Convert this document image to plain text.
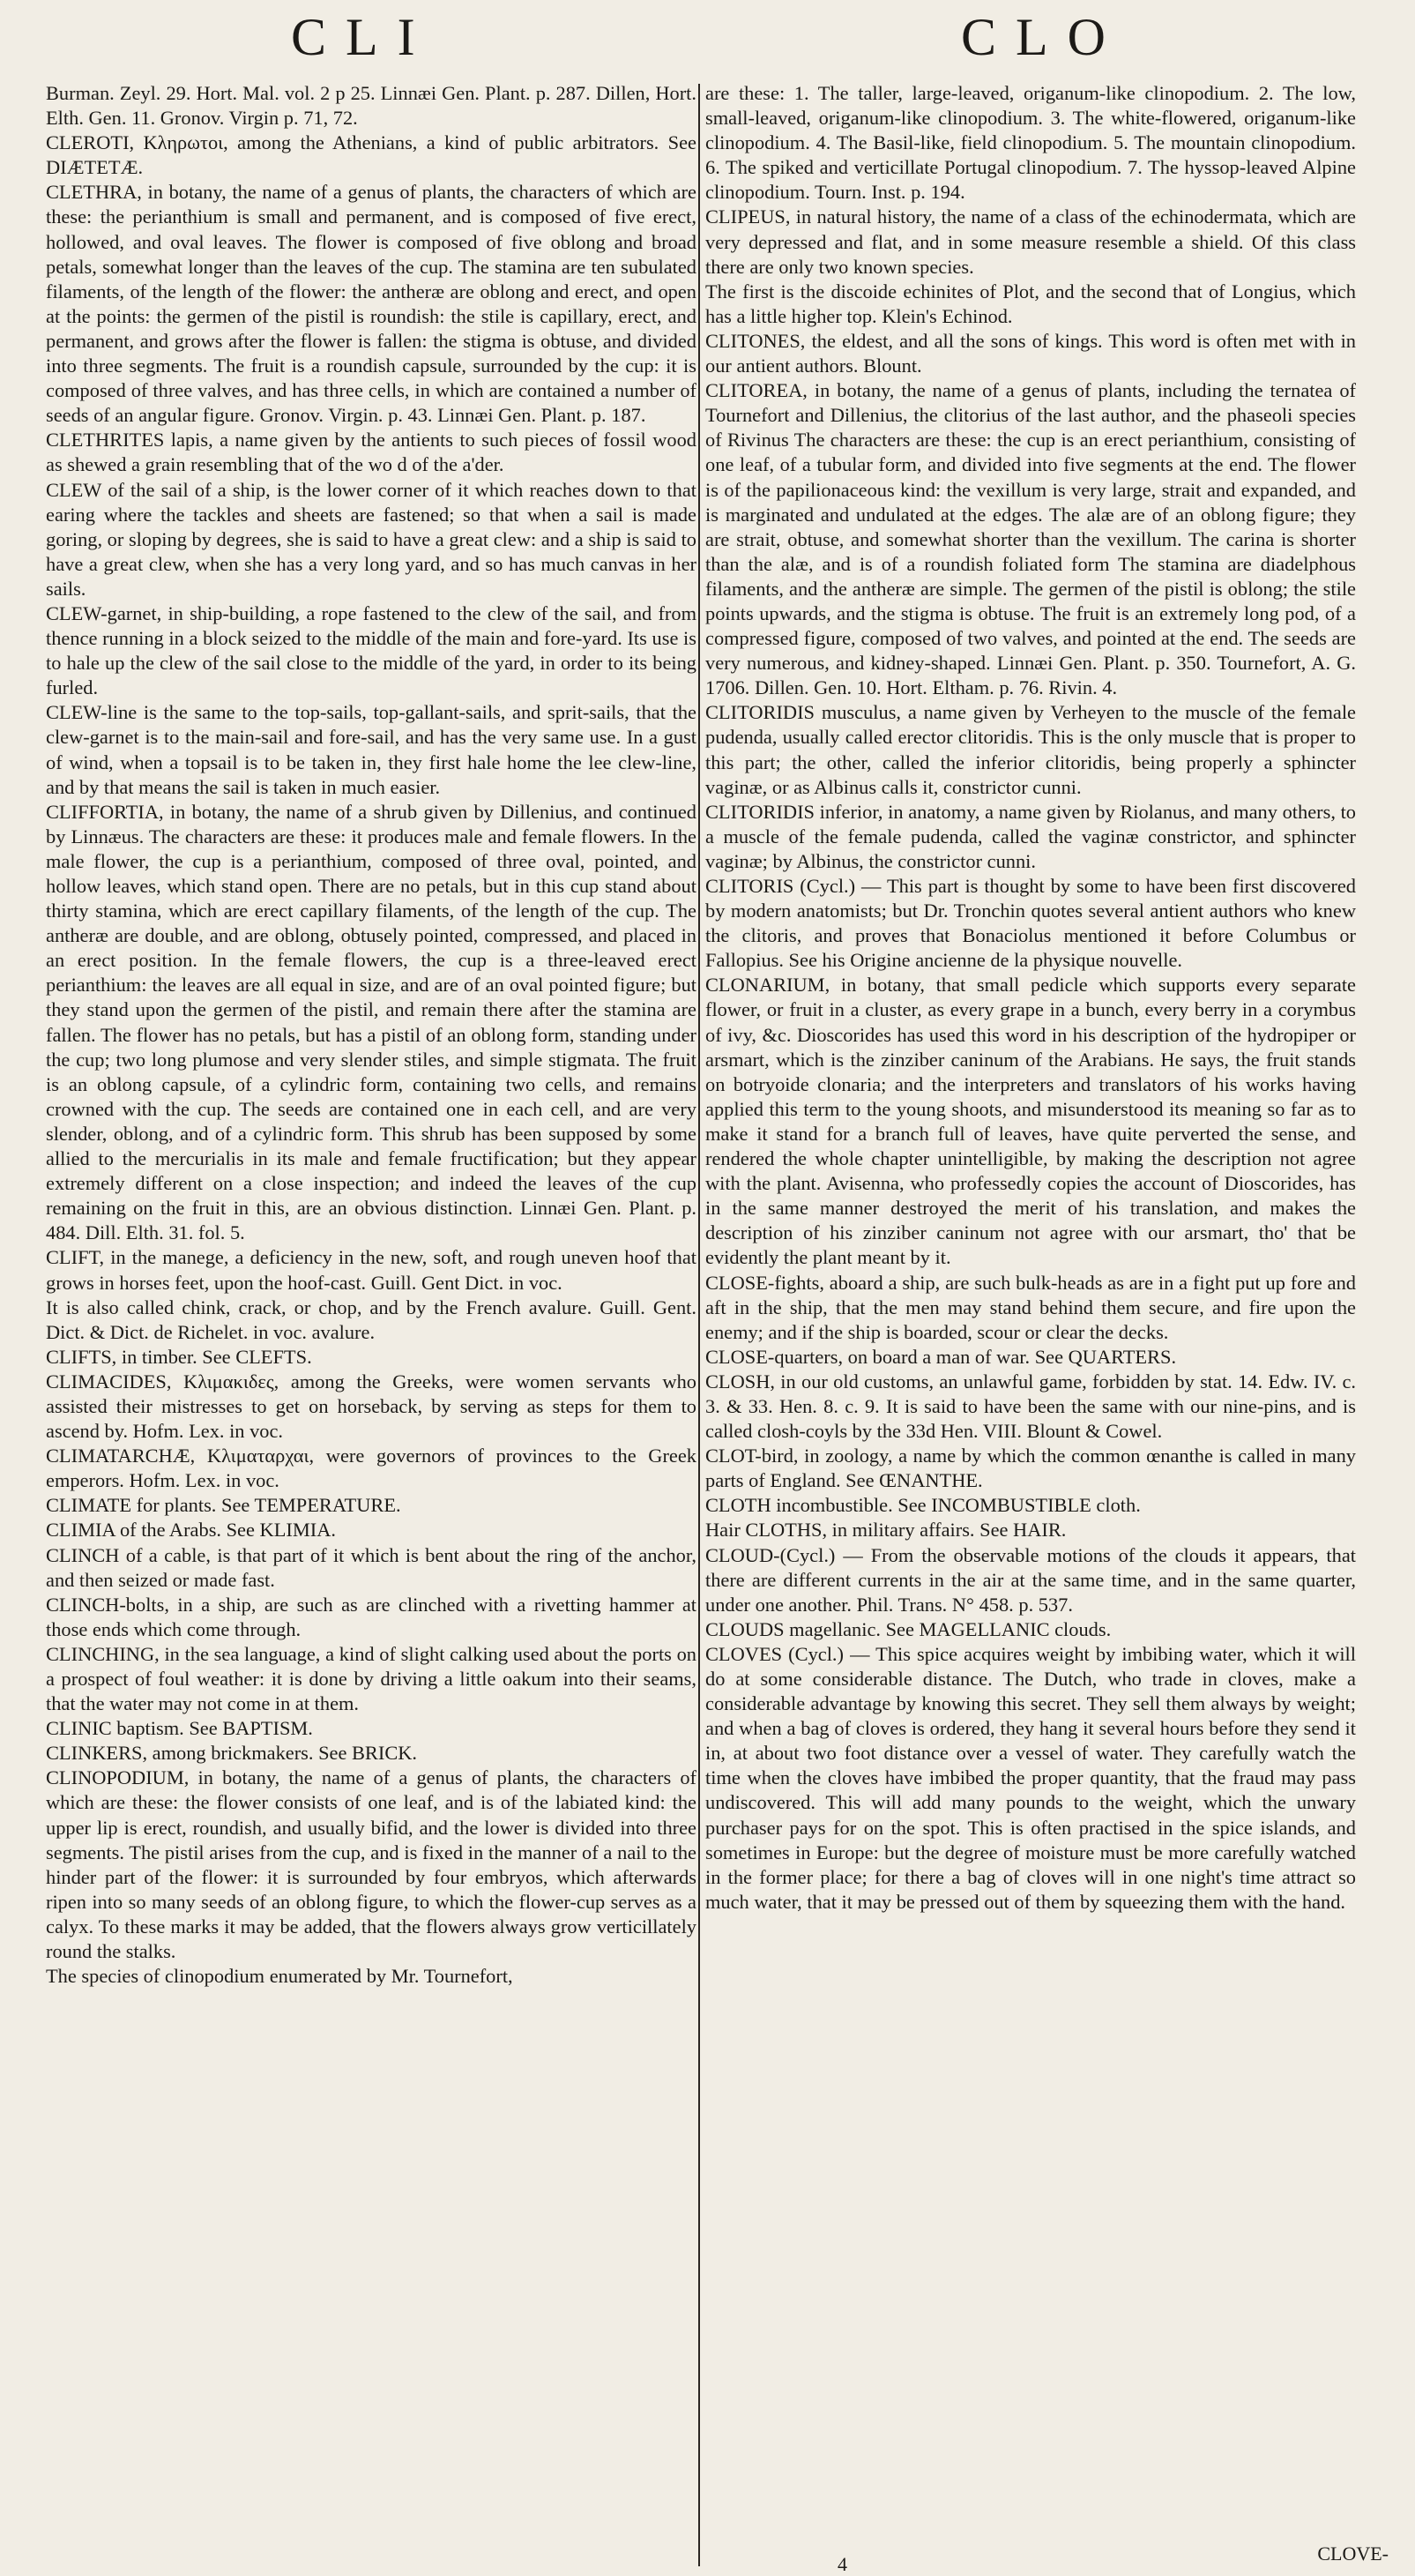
CLI	CLO

Burman. Zeyl. 29. Hort. Mal. vol. 2 p 25. Linnæi Gen. Plant. p. 287. Dillen, Hort. Elth. Gen. 11. Gronov. Virgin p. 71, 72.

CLEROTI, Κληρωτοι, among the Athenians, a kind of public arbitrators. See DIÆTETÆ.

CLETHRA, in botany, the name of a genus of plants, the characters of which are these: the perianthium is small and permanent, and is composed of five erect, hollowed, and oval leaves. The flower is composed of five oblong and broad petals, somewhat longer than the leaves of the cup. The stamina are ten subulated filaments, of the length of the flower: the antheræ are oblong and erect, and open at the points: the germen of the pistil is roundish: the stile is capillary, erect, and permanent, and grows after the flower is fallen: the stigma is obtuse, and divided into three segments. The fruit is a roundish capsule, surrounded by the cup: it is composed of three valves, and has three cells, in which are contained a number of seeds of an angular figure. Gronov. Virgin. p. 43. Linnæi Gen. Plant. p. 187.

CLETHRITES lapis, a name given by the antients to such pieces of fossil wood as shewed a grain resembling that of the wo d of the a'der.

CLEW of the sail of a ship, is the lower corner of it which reaches down to that earing where the tackles and sheets are fastened; so that when a sail is made goring, or sloping by degrees, she is said to have a great clew: and a ship is said to have a great clew, when she has a very long yard, and so has much canvas in her sails.

CLEW-garnet, in ship-building, a rope fastened to the clew of the sail, and from thence running in a block seized to the middle of the main and fore-yard. Its use is to hale up the clew of the sail close to the middle of the yard, in order to its being furled.

CLEW-line is the same to the top-sails, top-gallant-sails, and sprit-sails, that the clew-garnet is to the main-sail and fore-sail, and has the very same use. In a gust of wind, when a topsail is to be taken in, they first hale home the lee clew-line, and by that means the sail is taken in much easier.

CLIFFORTIA, in botany, the name of a shrub given by Dillenius, and continued by Linnæus. The characters are these: it produces male and female flowers. In the male flower, the cup is a perianthium, composed of three oval, pointed, and hollow leaves, which stand open. There are no petals, but in this cup stand about thirty stamina, which are erect capillary filaments, of the length of the cup. The antheræ are double, and are oblong, obtusely pointed, compressed, and placed in an erect position. In the female flowers, the cup is a three-leaved erect perianthium: the leaves are all equal in size, and are of an oval pointed figure; but they stand upon the germen of the pistil, and remain there after the stamina are fallen. The flower has no petals, but has a pistil of an oblong form, standing under the cup; two long plumose and very slender stiles, and simple stigmata. The fruit is an oblong capsule, of a cylindric form, containing two cells, and remains crowned with the cup. The seeds are contained one in each cell, and are very slender, oblong, and of a cylindric form. This shrub has been supposed by some allied to the mercurialis in its male and female fructification; but they appear extremely different on a close inspection; and indeed the leaves of the cup remaining on the fruit in this, are an obvious distinction. Linnæi Gen. Plant. p. 484. Dill. Elth. 31. fol. 5.

CLIFT, in the manege, a deficiency in the new, soft, and rough uneven hoof that grows in horses feet, upon the hoof-cast. Guill. Gent Dict. in voc.

It is also called chink, crack, or chop, and by the French avalure. Guill. Gent. Dict. & Dict. de Richelet. in voc. avalure.

CLIFTS, in timber. See CLEFTS.

CLIMACIDES, Κλιμακιδες, among the Greeks, were women servants who assisted their mistresses to get on horseback, by serving as steps for them to ascend by. Hofm. Lex. in voc.

CLIMATARCHÆ, Κλιματαρχαι, were governors of provinces to the Greek emperors. Hofm. Lex. in voc.

CLIMATE for plants. See TEMPERATURE.

CLIMIA of the Arabs. See KLIMIA.

CLINCH of a cable, is that part of it which is bent about the ring of the anchor, and then seized or made fast.

CLINCH-bolts, in a ship, are such as are clinched with a rivetting hammer at those ends which come through.

CLINCHING, in the sea language, a kind of slight calking used about the ports on a prospect of foul weather: it is done by driving a little oakum into their seams, that the water may not come in at them.

CLINIC baptism. See BAPTISM.

CLINKERS, among brickmakers. See BRICK.

CLINOPODIUM, in botany, the name of a genus of plants, the characters of which are these: the flower consists of one leaf, and is of the labiated kind: the upper lip is erect, roundish, and usually bifid, and the lower is divided into three segments. The pistil arises from the cup, and is fixed in the manner of a nail to the hinder part of the flower: it is surrounded by four embryos, which afterwards ripen into so many seeds of an oblong figure, to which the flower-cup serves as a calyx. To these marks it may be added, that the flowers always grow verticillately round the stalks.

The species of clinopodium enumerated by Mr. Tournefort,

are these: 1. The taller, large-leaved, origanum-like clinopodium. 2. The low, small-leaved, origanum-like clinopodium. 3. The white-flowered, origanum-like clinopodium. 4. The Basil-like, field clinopodium. 5. The mountain clinopodium. 6. The spiked and verticillate Portugal clinopodium. 7. The hyssop-leaved Alpine clinopodium. Tourn. Inst. p. 194.

CLIPEUS, in natural history, the name of a class of the echinodermata, which are very depressed and flat, and in some measure resemble a shield. Of this class there are only two known species.

The first is the discoide echinites of Plot, and the second that of Longius, which has a little higher top. Klein's Echinod.

CLITONES, the eldest, and all the sons of kings. This word is often met with in our antient authors. Blount.

CLITOREA, in botany, the name of a genus of plants, including the ternatea of Tournefort and Dillenius, the clitorius of the last author, and the phaseoli species of Rivinus The characters are these: the cup is an erect perianthium, consisting of one leaf, of a tubular form, and divided into five segments at the end. The flower is of the papilionaceous kind: the vexillum is very large, strait and expanded, and is marginated and undulated at the edges. The alæ are of an oblong figure; they are strait, obtuse, and somewhat shorter than the vexillum. The carina is shorter than the alæ, and is of a roundish foliated form The stamina are diadelphous filaments, and the antheræ are simple. The germen of the pistil is oblong; the stile points upwards, and the stigma is obtuse. The fruit is an extremely long pod, of a compressed figure, composed of two valves, and pointed at the end. The seeds are very numerous, and kidney-shaped. Linnæi Gen. Plant. p. 350. Tournefort, A. G. 1706. Dillen. Gen. 10. Hort. Eltham. p. 76. Rivin. 4.

CLITORIDIS musculus, a name given by Verheyen to the muscle of the female pudenda, usually called erector clitoridis. This is the only muscle that is proper to this part; the other, called the inferior clitoridis, being properly a sphincter vaginæ, or as Albinus calls it, constrictor cunni.

CLITORIDIS inferior, in anatomy, a name given by Riolanus, and many others, to a muscle of the female pudenda, called the vaginæ constrictor, and sphincter vaginæ; by Albinus, the constrictor cunni.

CLITORIS (Cycl.) — This part is thought by some to have been first discovered by modern anatomists; but Dr. Tronchin quotes several antient authors who knew the clitoris, and proves that Bonaciolus mentioned it before Columbus or Fallopius. See his Origine ancienne de la physique nouvelle.

CLONARIUM, in botany, that small pedicle which supports every separate flower, or fruit in a cluster, as every grape in a bunch, every berry in a corymbus of ivy, &c. Dioscorides has used this word in his description of the hydropiper or arsmart, which is the zinziber caninum of the Arabians. He says, the fruit stands on botryoide clonaria; and the interpreters and translators of his works having applied this term to the young shoots, and misunderstood its meaning so far as to make it stand for a branch full of leaves, have quite perverted the sense, and rendered the whole chapter unintelligible, by making the description not agree with the plant. Avisenna, who professedly copies the account of Dioscorides, has in the same manner destroyed the merit of his translation, and makes the description of his zinziber caninum not agree with our arsmart, tho' that be evidently the plant meant by it.

CLOSE-fights, aboard a ship, are such bulk-heads as are in a fight put up fore and aft in the ship, that the men may stand behind them secure, and fire upon the enemy; and if the ship is boarded, scour or clear the decks.

CLOSE-quarters, on board a man of war. See QUARTERS.

CLOSH, in our old customs, an unlawful game, forbidden by stat. 14. Edw. IV. c. 3. & 33. Hen. 8. c. 9. It is said to have been the same with our nine-pins, and is called closh-coyls by the 33d Hen. VIII. Blount & Cowel.

CLOT-bird, in zoology, a name by which the common œnanthe is called in many parts of England. See ŒNANTHE.

CLOTH incombustible. See INCOMBUSTIBLE cloth.

Hair CLOTHS, in military affairs. See HAIR.

CLOUD-(Cycl.) — From the observable motions of the clouds it appears, that there are different currents in the air at the same time, and in the same quarter, under one another. Phil. Trans. N° 458. p. 537.

CLOUDS magellanic. See MAGELLANIC clouds.

CLOVES (Cycl.) — This spice acquires weight by imbibing water, which it will do at some considerable distance. The Dutch, who trade in cloves, make a considerable advantage by knowing this secret. They sell them always by weight; and when a bag of cloves is ordered, they hang it several hours before they send it in, at about two foot distance over a vessel of water. They carefully watch the time when the cloves have imbibed the proper quantity, that the fraud may pass undiscovered. This will add many pounds to the weight, which the unwary purchaser pays for on the spot. This is often practised in the spice islands, and sometimes in Europe: but the degree of moisture must be more carefully watched in the former place; for there a bag of cloves will in one night's time attract so much water, that it may be pressed out of them by squeezing them with the hand.

CLOVE-
4
